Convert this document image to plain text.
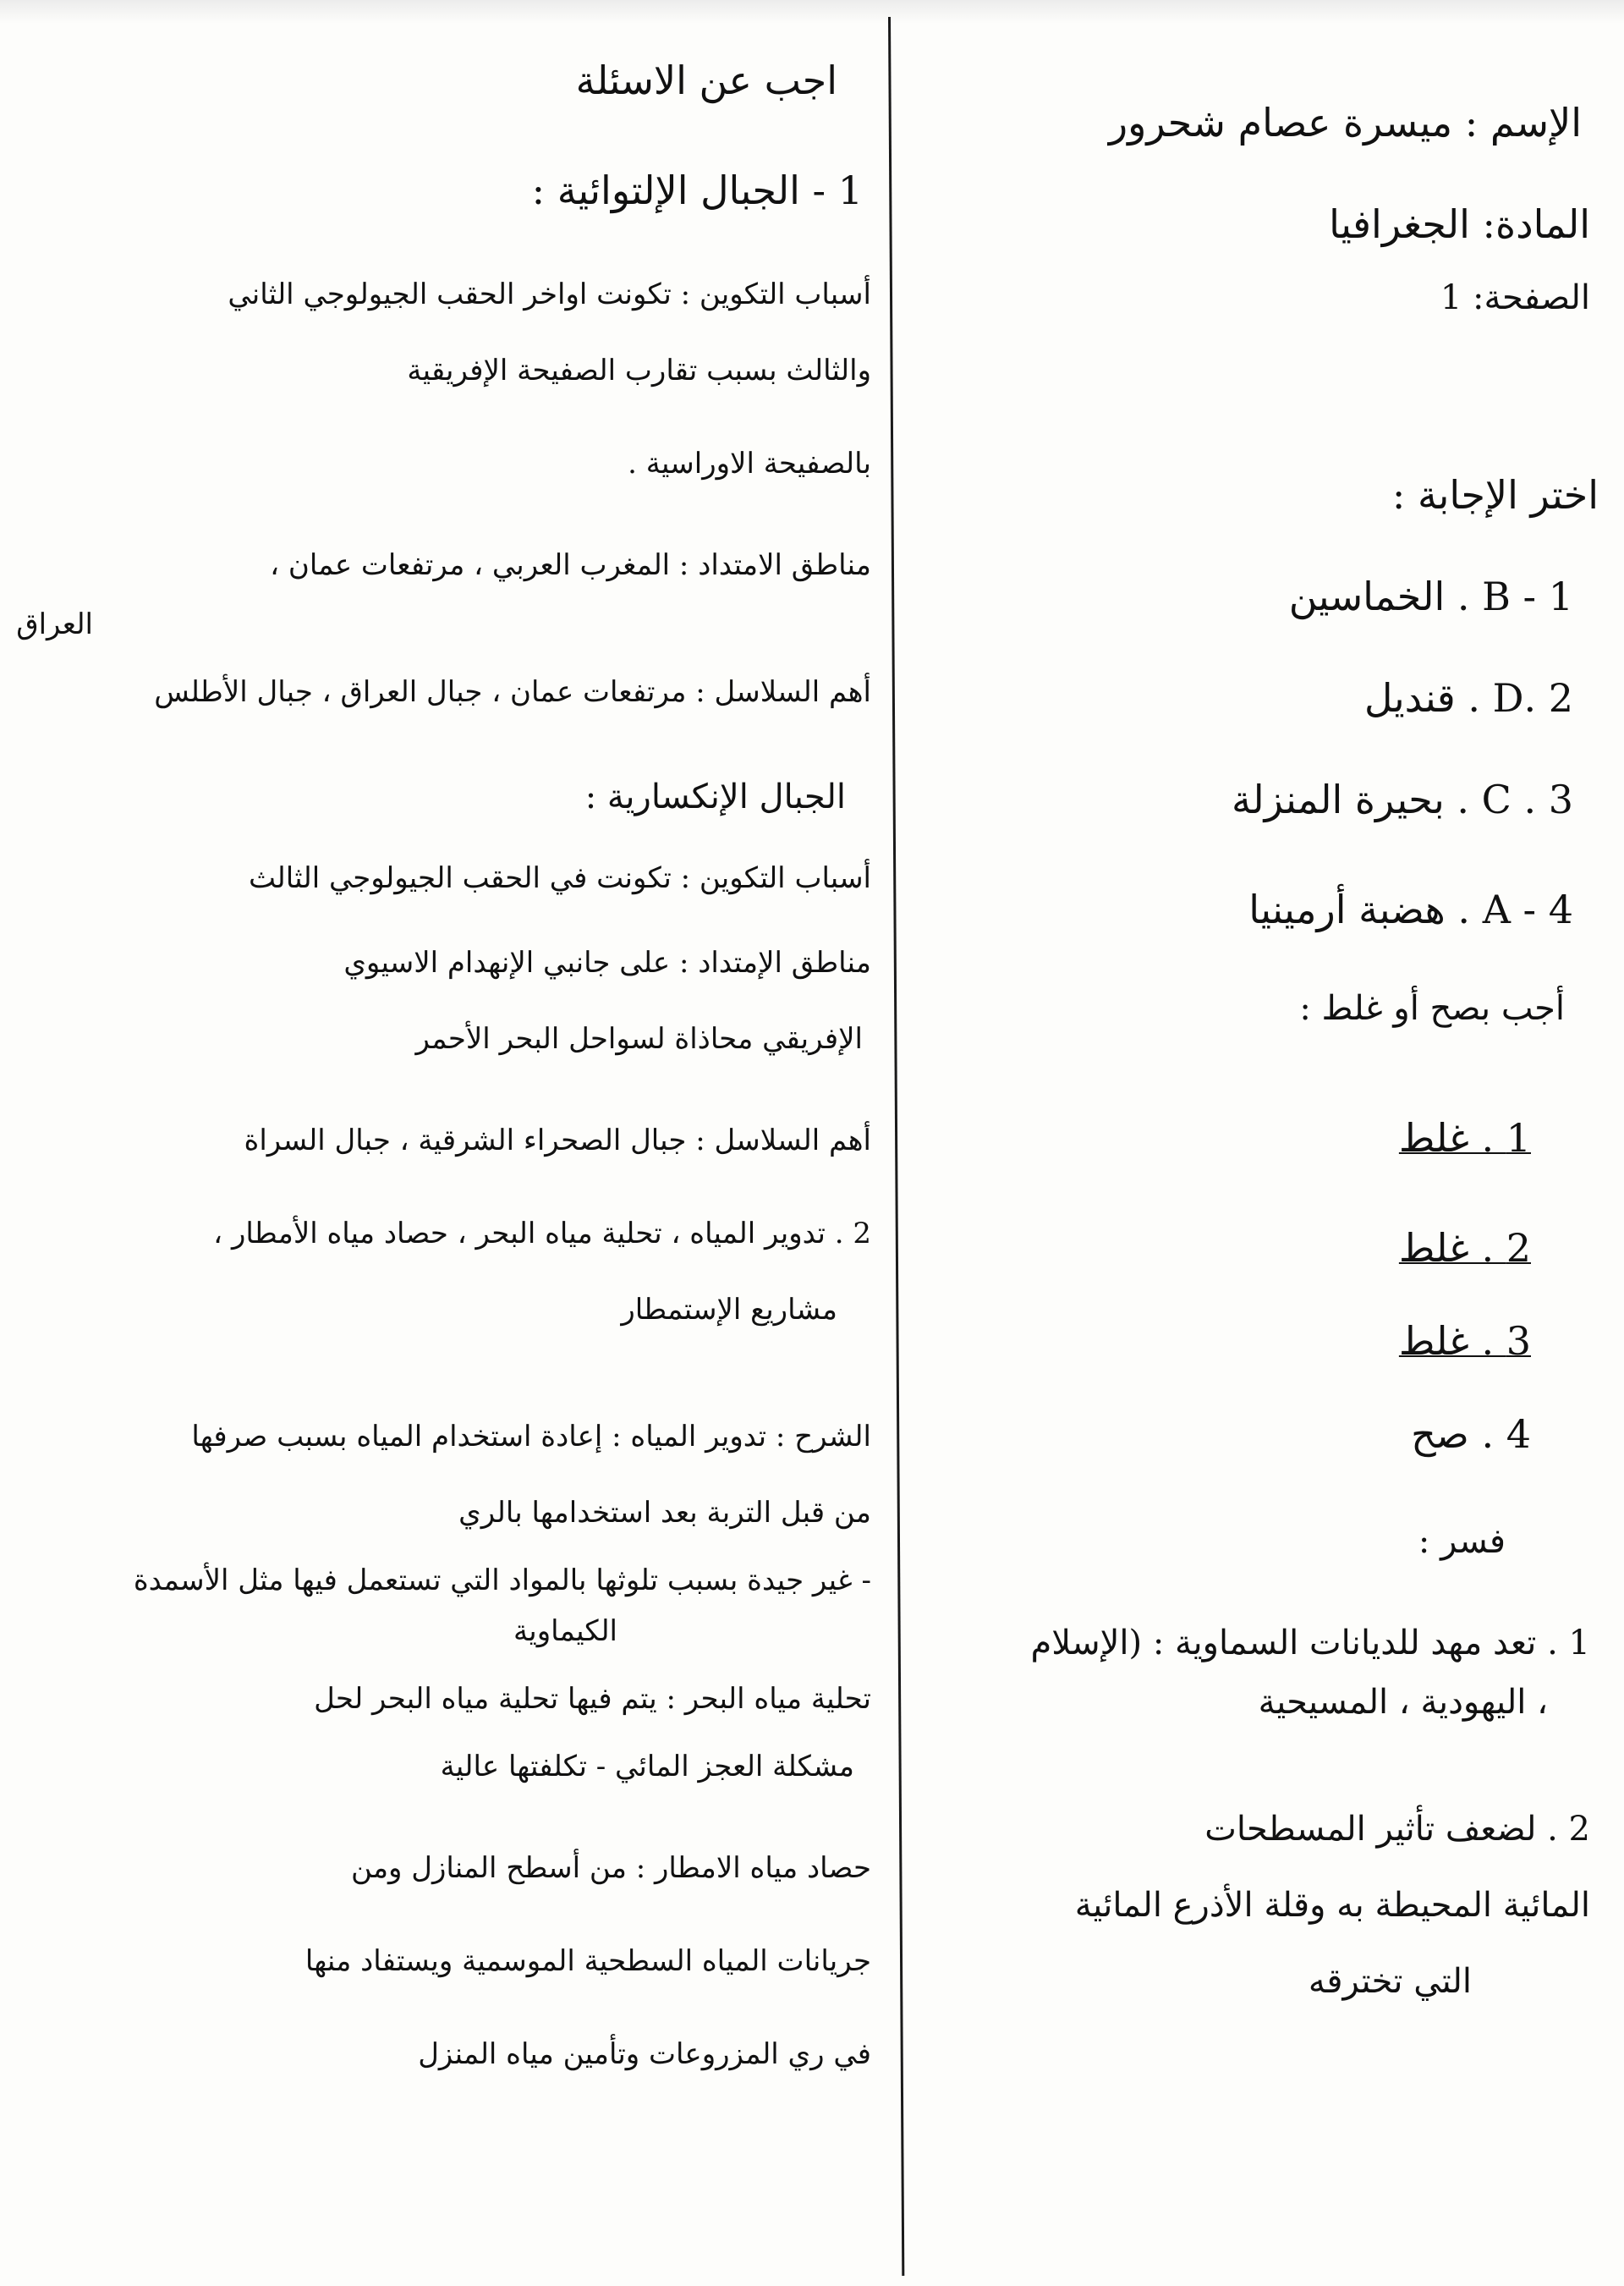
الإسم : ميسرة عصام شحرور
المادة: الجغرافيا
الصفحة: 1
اختر الإجابة :
1 - B . الخماسين
2 .D . قنديل
3 . C . بحيرة المنزلة
4 - A . هضبة أرمينيا
أجب بصح أو غلط :
1 . غلط
2 . غلط
3 . غلط
4 . صح
فسر :
1 . تعد مهد للديانات السماوية : (الإسلام
، اليهودية ، المسيحية
2 . لضعف تأثير المسطحات
المائية المحيطة به وقلة الأذرع المائية
التي تخترقه
اجب عن الاسئلة
1 - الجبال الإلتوائية :
أسباب التكوين : تكونت اواخر الحقب الجيولوجي الثاني
والثالث بسبب تقارب الصفيحة الإفريقية
بالصفيحة الاوراسية .
مناطق الامتداد : المغرب العربي ، مرتفعات عمان ،
العراق
أهم السلاسل : مرتفعات عمان ، جبال العراق ، جبال الأطلس
الجبال الإنكسارية :
أسباب التكوين : تكونت في الحقب الجيولوجي الثالث
مناطق الإمتداد : على جانبي الإنهدام الاسيوي
الإفريقي محاذاة لسواحل البحر الأحمر
أهم السلاسل : جبال الصحراء الشرقية ، جبال السراة
2 . تدوير المياه ، تحلية مياه البحر ، حصاد مياه الأمطار ،
مشاريع الإستمطار
الشرح : تدوير المياه : إعادة استخدام المياه بسبب صرفها
من قبل التربة بعد استخدامها بالري
- غير جيدة بسبب تلوثها بالمواد التي تستعمل فيها مثل الأسمدة
الكيماوية
تحلية مياه البحر : يتم فيها تحلية مياه البحر لحل
مشكلة العجز المائي - تكلفتها عالية
حصاد مياه الامطار : من أسطح المنازل ومن
جريانات المياه السطحية الموسمية ويستفاد منها
في ري المزروعات وتأمين مياه المنزل
